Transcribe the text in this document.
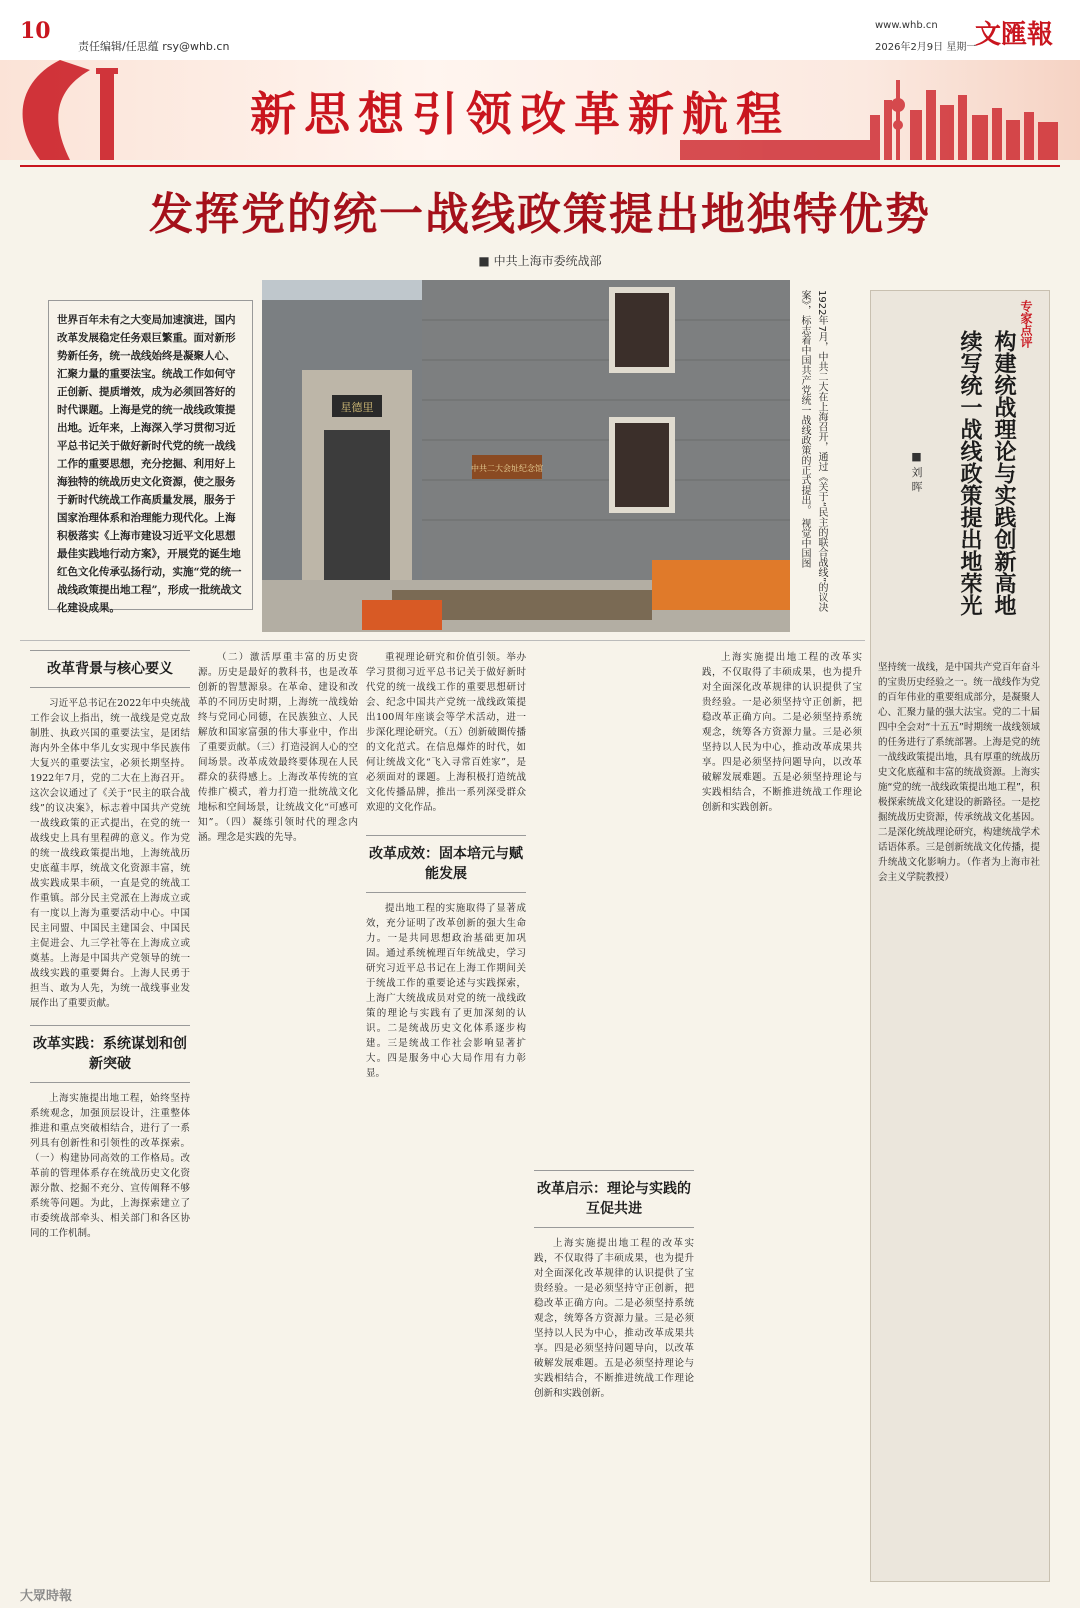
10
责任编辑/任思蕴 rsy@whb.cn
www.whb.cn
2026年2月9日 星期一
文匯報
新思想引领改革新航程
发挥党的统一战线政策提出地独特优势
■ 中共上海市委统战部
世界百年未有之大变局加速演进，国内改革发展稳定任务艰巨繁重。面对新形势新任务，统一战线始终是凝聚人心、汇聚力量的重要法宝。统战工作如何守正创新、提质增效，成为必须回答好的时代课题。上海是党的统一战线政策提出地。近年来，上海深入学习贯彻习近平总书记关于做好新时代党的统一战线工作的重要思想，充分挖掘、利用好上海独特的统战历史文化资源，使之服务于新时代统战工作高质量发展，服务于国家治理体系和治理能力现代化。上海积极落实《上海市建设习近平文化思想最佳实践地行动方案》，开展党的诞生地红色文化传承弘扬行动，实施“党的统一战线政策提出地工程”，形成一批统战文化建设成果。
星德里
中共二大会址纪念馆	1922年7月，中共二大在上海召开，通过《关于“民主的联合战线”的议决案》，标志着中国共产党统一战线政策的正式提出。 视觉中国图	专家点评
构建统战理论与实践创新高地 续写统一战线政策提出地荣光
■ 刘 晖
坚持统一战线，是中国共产党百年奋斗的宝贵历史经验之一。统一战线作为党的百年伟业的重要组成部分，是凝聚人心、汇聚力量的强大法宝。党的二十届四中全会对“十五五”时期统一战线领域的任务进行了系统部署。上海是党的统一战线政策提出地，具有厚重的统战历史文化底蕴和丰富的统战资源。上海实施“党的统一战线政策提出地工程”，积极探索统战文化建设的新路径。一是挖掘统战历史资源，传承统战文化基因。二是深化统战理论研究，构建统战学术话语体系。三是创新统战文化传播，提升统战文化影响力。（作者为上海市社会主义学院教授）
改革背景与核心要义

习近平总书记在2022年中央统战工作会议上指出，统一战线是党克敌制胜、执政兴国的重要法宝，是团结海内外全体中华儿女实现中华民族伟大复兴的重要法宝，必须长期坚持。1922年7月，党的二大在上海召开。这次会议通过了《关于“民主的联合战线”的议决案》，标志着中国共产党统一战线政策的正式提出，在党的统一战线史上具有里程碑的意义。作为党的统一战线政策提出地，上海统战历史底蕴丰厚，统战文化资源丰富，统战实践成果丰硕，一直是党的统战工作重镇。部分民主党派在上海成立或有一度以上海为重要活动中心。中国民主同盟、中国民主建国会、中国民主促进会、九三学社等在上海成立或奠基。上海是中国共产党领导的统一战线实践的重要舞台。上海人民勇于担当、敢为人先，为统一战线事业发展作出了重要贡献。

改革实践：系统谋划和创新突破

上海实施提出地工程，始终坚持系统观念，加强顶层设计，注重整体推进和重点突破相结合，进行了一系列具有创新性和引领性的改革探索。（一）构建协同高效的工作格局。改革前的管理体系存在统战历史文化资源分散、挖掘不充分、宣传阐释不够系统等问题。为此，上海探索建立了市委统战部牵头、相关部门和各区协同的工作机制。

（二）激活厚重丰富的历史资源。历史是最好的教科书，也是改革创新的智慧源泉。在革命、建设和改革的不同历史时期，上海统一战线始终与党同心同德，在民族独立、人民解放和国家富强的伟大事业中，作出了重要贡献。（三）打造浸润人心的空间场景。改革成效最终要体现在人民群众的获得感上。上海改革传统的宣传推广模式，着力打造一批统战文化地标和空间场景，让统战文化“可感可知”。（四）凝练引领时代的理念内涵。理念是实践的先导。

重视理论研究和价值引领。举办学习贯彻习近平总书记关于做好新时代党的统一战线工作的重要思想研讨会、纪念中国共产党统一战线政策提出100周年座谈会等学术活动，进一步深化理论研究。（五）创新破圈传播的文化范式。在信息爆炸的时代，如何让统战文化“飞入寻常百姓家”，是必须面对的课题。上海积极打造统战文化传播品牌，推出一系列深受群众欢迎的文化作品。

改革成效：固本培元与赋能发展

提出地工程的实施取得了显著成效，充分证明了改革创新的强大生命力。一是共同思想政治基础更加巩固。通过系统梳理百年统战史，学习研究习近平总书记在上海工作期间关于统战工作的重要论述与实践探索，上海广大统战成员对党的统一战线政策的理论与实践有了更加深刻的认识。二是统战历史文化体系逐步构建。三是统战工作社会影响显著扩大。四是服务中心大局作用有力彰显。

改革启示：理论与实践的互促共进

上海实施提出地工程的改革实践，不仅取得了丰硕成果，也为提升对全面深化改革规律的认识提供了宝贵经验。一是必须坚持守正创新，把稳改革正确方向。二是必须坚持系统观念，统筹各方资源力量。三是必须坚持以人民为中心，推动改革成果共享。四是必须坚持问题导向，以改革破解发展难题。五是必须坚持理论与实践相结合，不断推进统战工作理论创新和实践创新。

上海实施提出地工程的改革实践，不仅取得了丰硕成果，也为提升对全面深化改革规律的认识提供了宝贵经验。一是必须坚持守正创新，把稳改革正确方向。二是必须坚持系统观念，统筹各方资源力量。三是必须坚持以人民为中心，推动改革成果共享。四是必须坚持问题导向，以改革破解发展难题。五是必须坚持理论与实践相结合，不断推进统战工作理论创新和实践创新。

大眾時報
